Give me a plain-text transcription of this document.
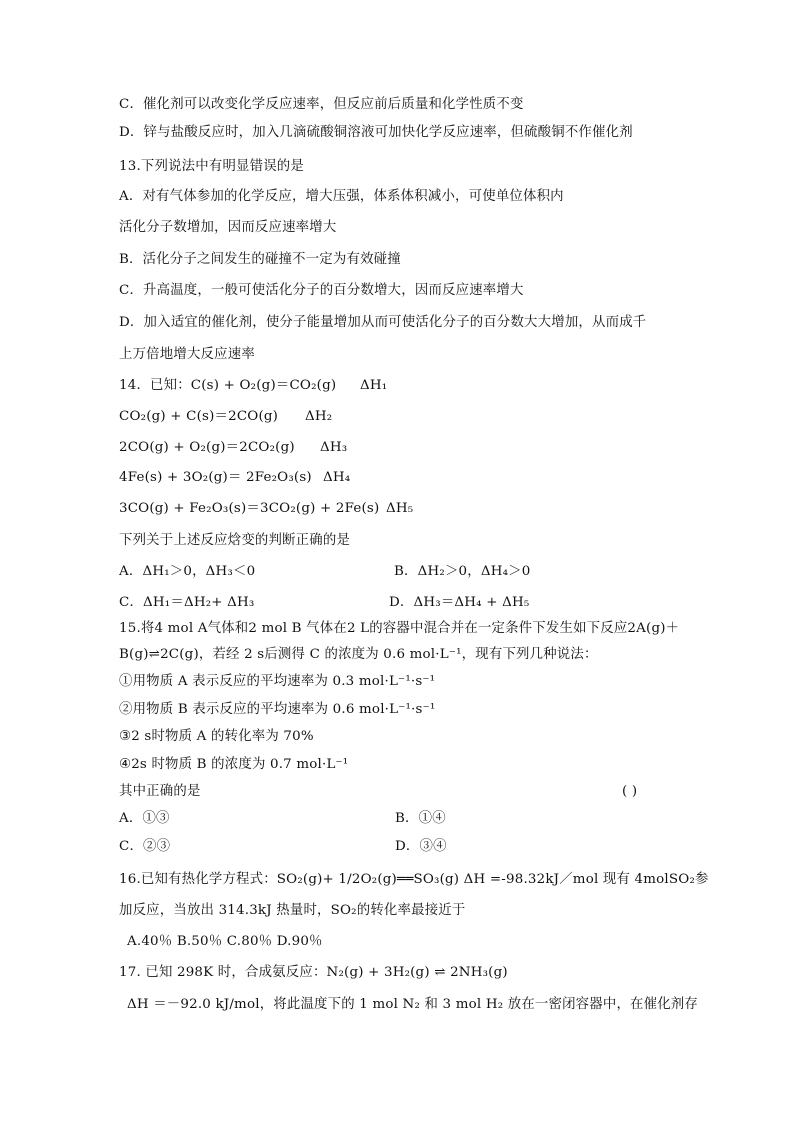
C．催化剂可以改变化学反应速率，但反应前后质量和化学性质不变
D．锌与盐酸反应时，加入几滴硫酸铜溶液可加快化学反应速率，但硫酸铜不作催化剂
13.下列说法中有明显错误的是
A．对有气体参加的化学反应，增大压强，体系体积减小，可使单位体积内
活化分子数增加，因而反应速率增大
B．活化分子之间发生的碰撞不一定为有效碰撞
C．升高温度，一般可使活化分子的百分数增大，因而反应速率增大
D．加入适宜的催化剂，使分子能量增加从而可使活化分子的百分数大大增加，从而成千
上万倍地增大反应速率
14．已知：C(s) + O₂(g)＝CO₂(g) ΔH₁
CO₂(g) + C(s)＝2CO(g) ΔH₂
2CO(g) + O₂(g)＝2CO₂(g) ΔH₃
4Fe(s) + 3O₂(g)＝ 2Fe₂O₃(s) ΔH₄
3CO(g) + Fe₂O₃(s)＝3CO₂(g) + 2Fe(s) ΔH₅
下列关于上述反应焓变的判断正确的是
A．ΔH₁＞0，ΔH₃＜0	B．ΔH₂＞0，ΔH₄＞0
C．ΔH₁＝ΔH₂+ ΔH₃	D．ΔH₃＝ΔH₄ + ΔH₅
15.将4 mol A气体和2 mol B 气体在2 L的容器中混合并在一定条件下发生如下反应2A(g)＋
B(g)⇌2C(g)，若经 2 s后测得 C 的浓度为 0.6 mol·L⁻¹，现有下列几种说法：
①用物质 A 表示反应的平均速率为 0.3 mol·L⁻¹·s⁻¹
②用物质 B 表示反应的平均速率为 0.6 mol·L⁻¹·s⁻¹
③2 s时物质 A 的转化率为 70%
④2s 时物质 B 的浓度为 0.7 mol·L⁻¹
其中正确的是	( )
A．①③	B．①④
C．②③	D．③④
16.已知有热化学方程式：SO₂(g)+ 1/2O₂(g)══SO₃(g) ΔH =-98.32kJ／mol 现有 4molSO₂参
加反应，当放出 314.3kJ 热量时，SO₂的转化率最接近于
A.40％ B.50％ C.80％ D.90％
17. 已知 298K 时，合成氨反应：N₂(g) + 3H₂(g) ⇌ 2NH₃(g)
ΔH ＝－92.0 kJ/mol，将此温度下的 1 mol N₂ 和 3 mol H₂ 放在一密闭容器中，在催化剂存
